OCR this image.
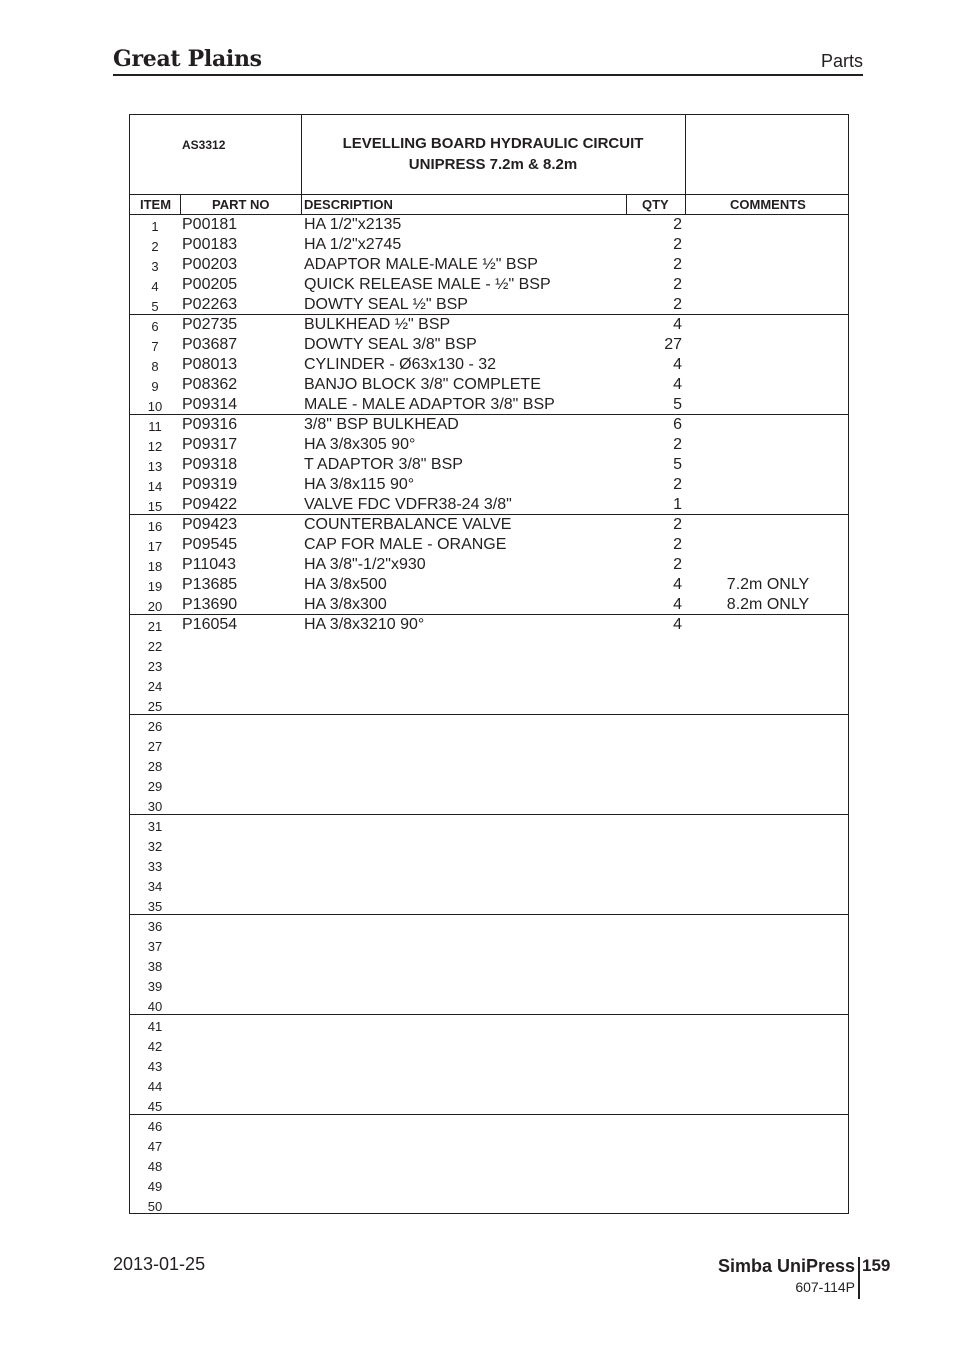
Great Plains	Parts
AS3312	LEVELLING BOARD HYDRAULIC CIRCUIT
UNIPRESS 7.2m & 8.2m
ITEM	PART NO	DESCRIPTION	QTY	COMMENTS
1	P00181	HA 1/2"x2135	2
2	P00183	HA 1/2"x2745	2
3	P00203	ADAPTOR MALE-MALE ½" BSP	2
4	P00205	QUICK RELEASE MALE - ½" BSP	2
5	P02263	DOWTY SEAL ½" BSP	2
6	P02735	BULKHEAD ½" BSP	4
7	P03687	DOWTY SEAL 3/8" BSP	27
8	P08013	CYLINDER - Ø63x130 - 32	4
9	P08362	BANJO BLOCK 3/8" COMPLETE	4
10	P09314	MALE - MALE ADAPTOR 3/8" BSP	5
11	P09316	3/8" BSP BULKHEAD	6
12	P09317	HA 3/8x305 90°	2
13	P09318	T ADAPTOR 3/8" BSP	5
14	P09319	HA 3/8x115 90°	2
15	P09422	VALVE FDC VDFR38-24 3/8"	1
16	P09423	COUNTERBALANCE VALVE	2
17	P09545	CAP FOR MALE - ORANGE	2
18	P11043	HA 3/8"-1/2"x930	2
19	P13685	HA 3/8x500	4	7.2m ONLY
20	P13690	HA 3/8x300	4	8.2m ONLY
21	P16054	HA 3/8x3210 90°	4
22
23
24
25
26
27
28
29
30
31
32
33
34
35
36
37
38
39
40
41
42
43
44
45
46
47
48
49
50
2013-01-25	Simba UniPress 159
607-114P
